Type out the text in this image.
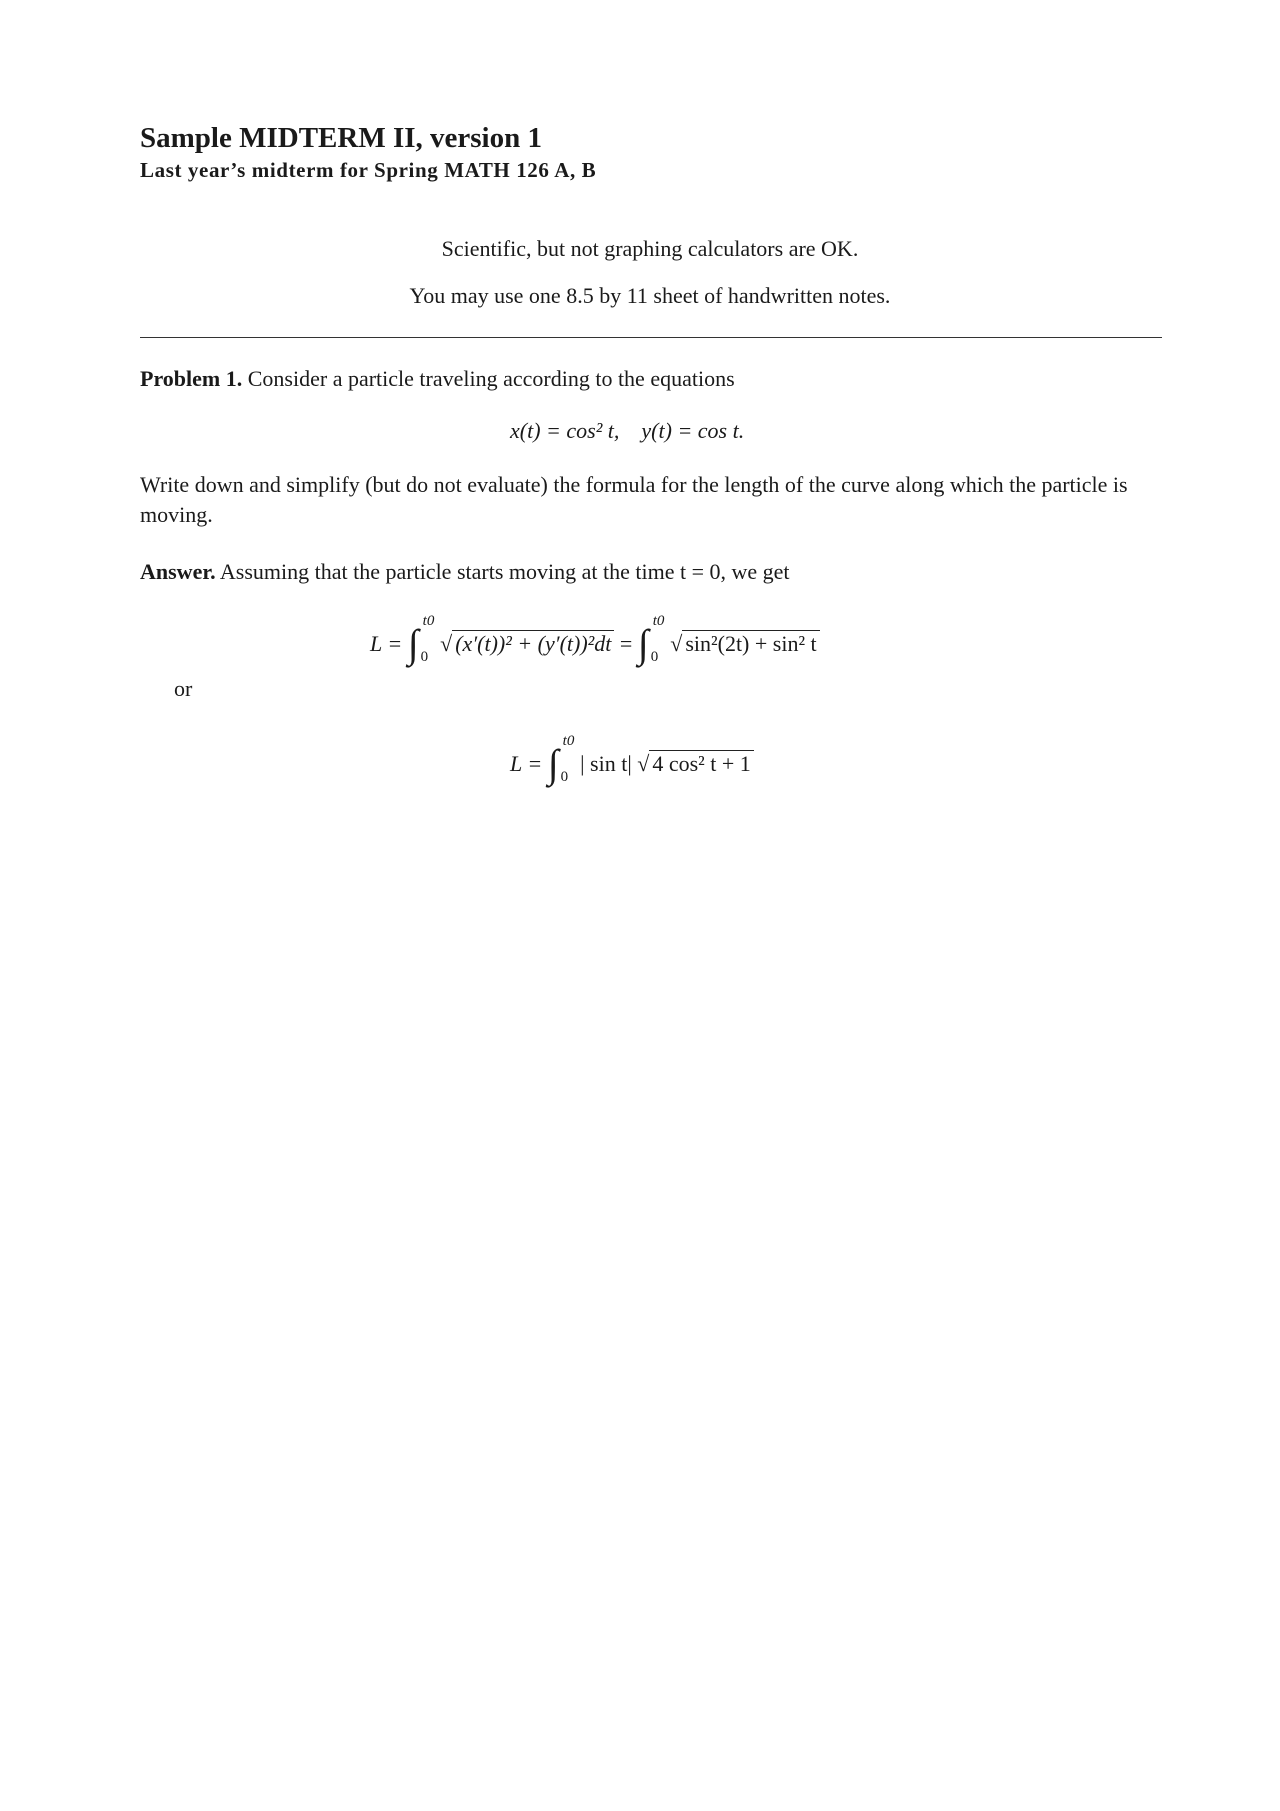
Sample MIDTERM II, version 1
Last year’s midterm for Spring MATH 126 A, B
Scientific, but not graphing calculators are OK.
You may use one 8.5 by 11 sheet of handwritten notes.
Problem 1. Consider a particle traveling according to the equations
x(t) = cos² t, y(t) = cos t.
Write down and simplify (but do not evaluate) the formula for the length of the curve along which the particle is moving.
Answer. Assuming that the particle starts moving at the time t = 0, we get
L = ∫
t0
0
√ (x′(t))² + (y′(t))²dt = ∫
t0
0
√ sin²(2t) + sin² t
or
L = ∫
t0
0
| sin t| √ 4 cos² t + 1
